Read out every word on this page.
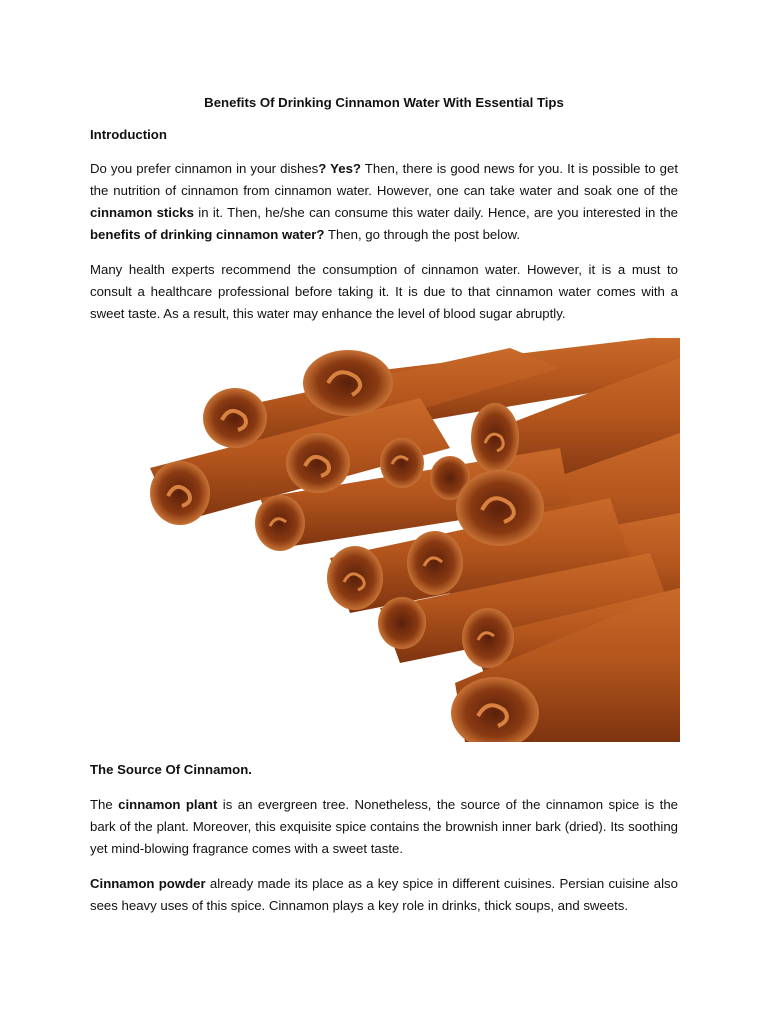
Benefits Of Drinking Cinnamon Water With Essential Tips
Introduction

Do you prefer cinnamon in your dishes? Yes? Then, there is good news for you. It is possible to get the nutrition of cinnamon from cinnamon water. However, one can take water and soak one of the cinnamon sticks in it. Then, he/she can consume this water daily. Hence, are you interested in the benefits of drinking cinnamon water? Then, go through the post below.

Many health experts recommend the consumption of cinnamon water. However, it is a must to consult a healthcare professional before taking it. It is due to that cinnamon water comes with a sweet taste. As a result, this water may enhance the level of blood sugar abruptly.

The Source Of Cinnamon.

The cinnamon plant is an evergreen tree. Nonetheless, the source of the cinnamon spice is the bark of the plant. Moreover, this exquisite spice contains the brownish inner bark (dried). Its soothing yet mind-blowing fragrance comes with a sweet taste.

Cinnamon powder already made its place as a key spice in different cuisines. Persian cuisine also sees heavy uses of this spice. Cinnamon plays a key role in drinks, thick soups, and sweets.
